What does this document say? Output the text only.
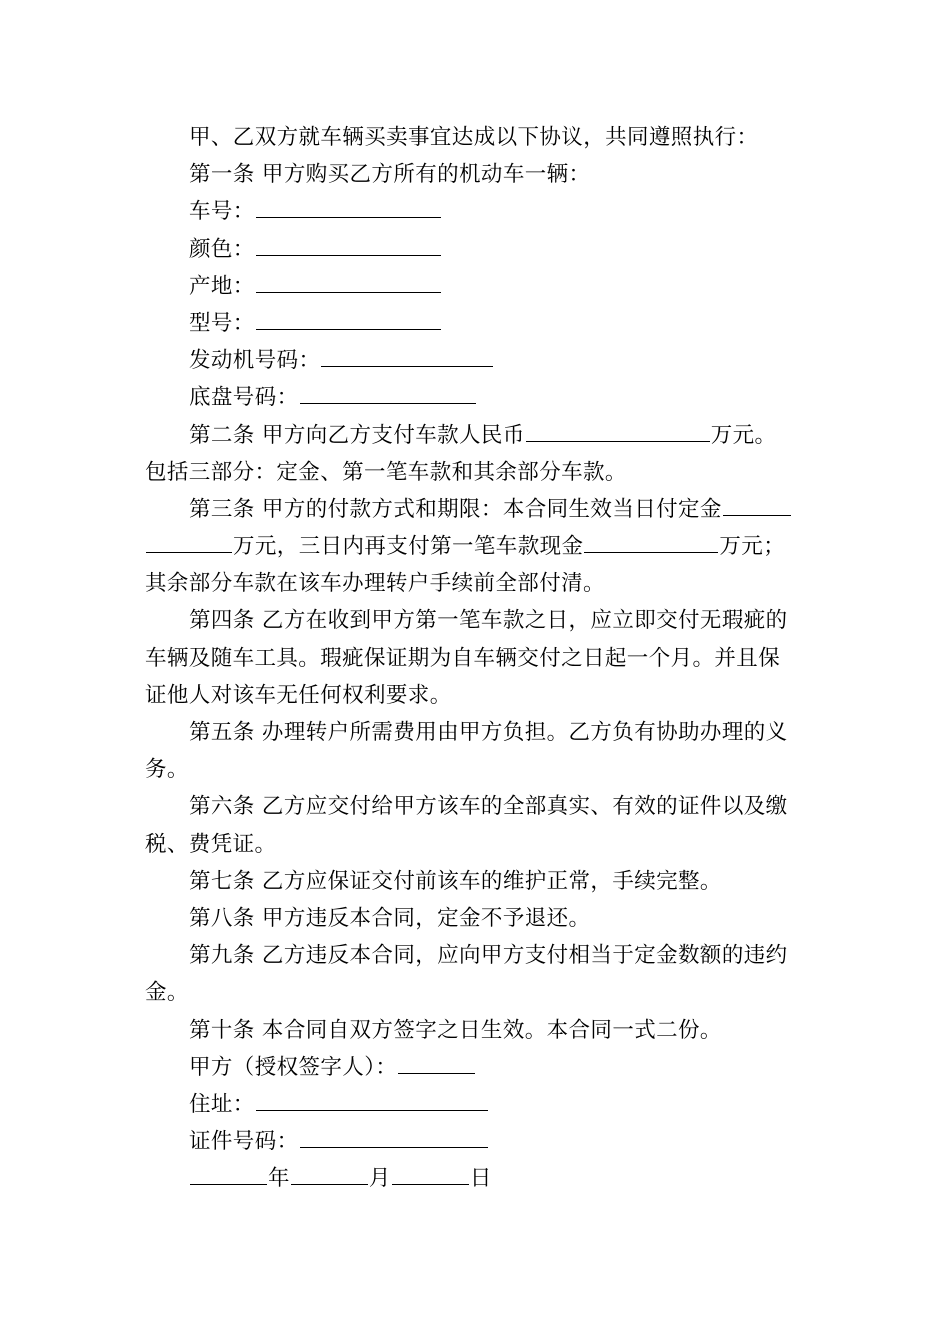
甲、乙双方就车辆买卖事宜达成以下协议，共同遵照执行：
第一条 甲方购买乙方所有的机动车一辆：
车号：
颜色：
产地：
型号：
发动机号码：
底盘号码：
第二条 甲方向乙方支付车款人民币	万元。
包括三部分：定金、第一笔车款和其余部分车款。
第三条 甲方的付款方式和期限：本合同生效当日付定金
万元，三日内再支付第一笔车款现金	万元；
其余部分车款在该车办理转户手续前全部付清。
第四条 乙方在收到甲方第一笔车款之日，应立即交付无瑕疵的
车辆及随车工具。瑕疵保证期为自车辆交付之日起一个月。并且保
证他人对该车无任何权利要求。
第五条 办理转户所需费用由甲方负担。乙方负有协助办理的义
务。
第六条 乙方应交付给甲方该车的全部真实、有效的证件以及缴
税、费凭证。
第七条 乙方应保证交付前该车的维护正常，手续完整。
第八条 甲方违反本合同，定金不予退还。
第九条 乙方违反本合同，应向甲方支付相当于定金数额的违约
金。
第十条 本合同自双方签字之日生效。本合同一式二份。
甲方（授权签字人）：
住址：
证件号码：
年	月	日
